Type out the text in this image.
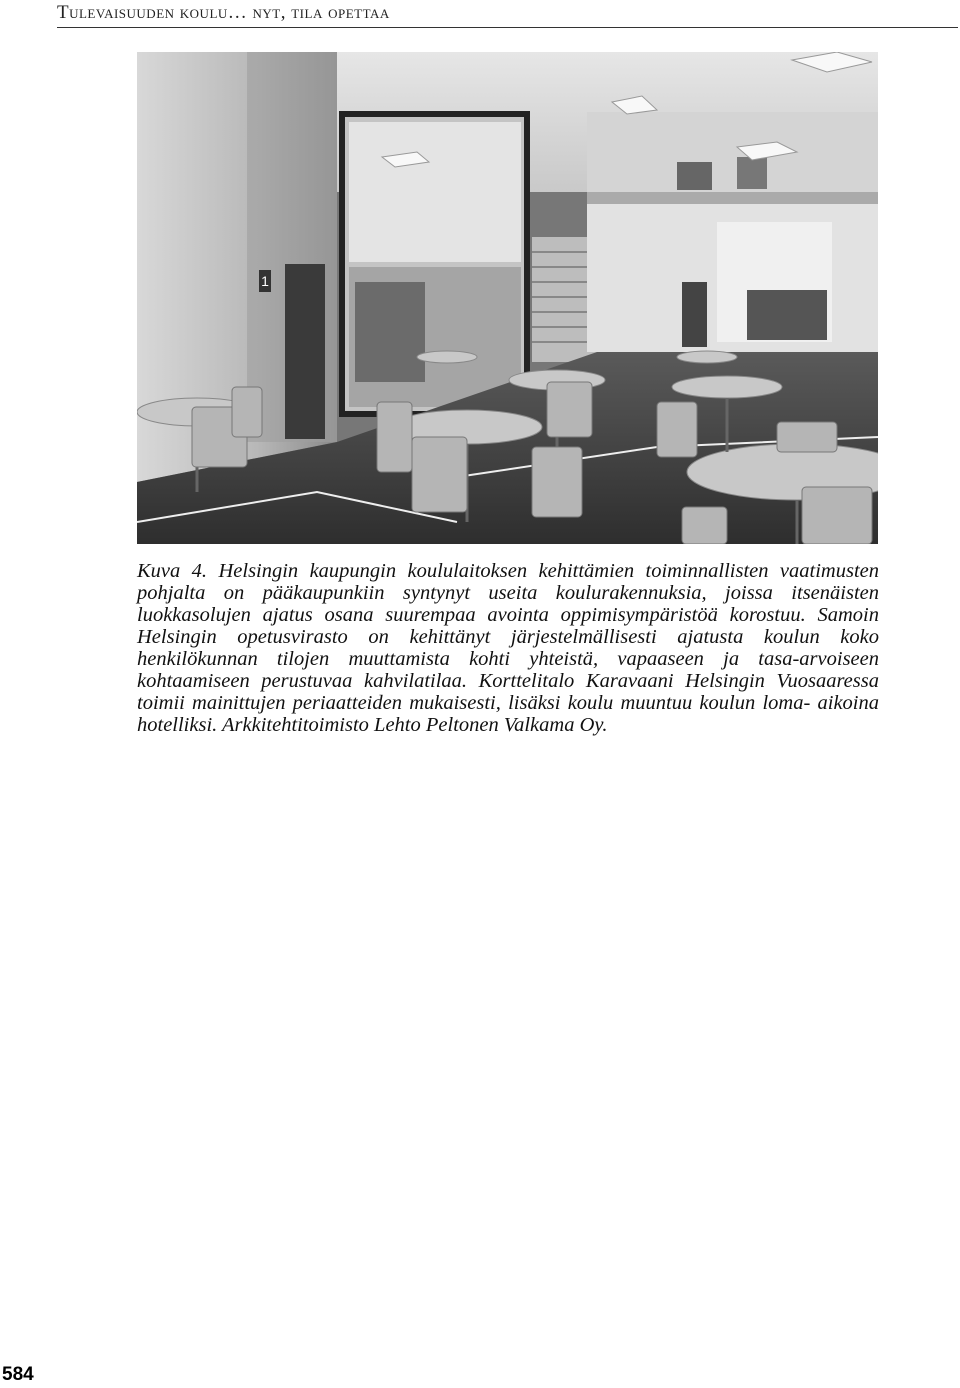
Tulevaisuuden koulu… nyt, tila opettaa
1
Kuva 4. Helsingin kaupungin koululaitoksen kehittämien toiminnallisten vaatimusten pohjalta on pääkaupunkiin syntynyt useita koulurakennuksia, joissa itsenäisten luokkasolujen ajatus osana suurempaa avointa oppimisympäristöä korostuu. Samoin Helsingin opetusvirasto on kehittänyt järjestelmällisesti ajatusta koulun koko henkilökunnan tilojen muuttamista kohti yhteistä, vapaaseen ja tasa-arvoiseen kohtaamiseen perustuvaa kahvilatilaa. Korttelitalo Karavaani Helsingin Vuosaaressa toimii mainittujen periaatteiden mukaisesti, lisäksi koulu muuntuu koulun loma- aikoina hotelliksi. Arkkitehtitoimisto Lehto Peltonen Valkama Oy.
584
